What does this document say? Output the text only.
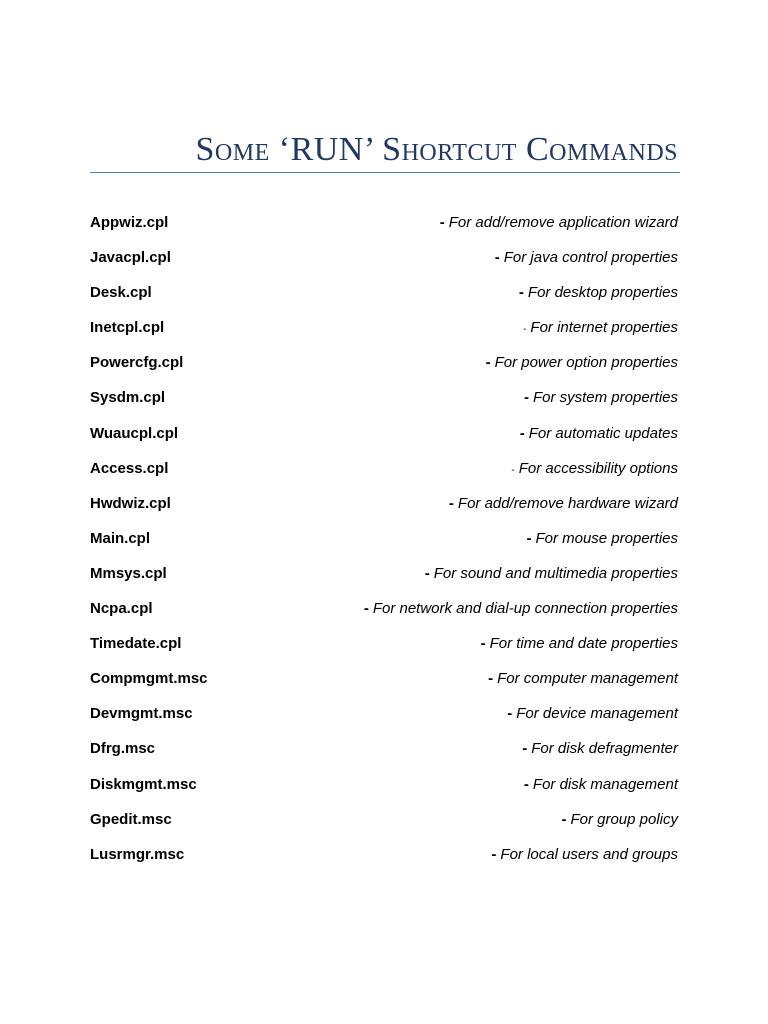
Some ‘RUN’ Shortcut Commands
Appwiz.cpl	- For add/remove application wizard
Javacpl.cpl	- For java control properties
Desk.cpl	- For desktop properties
Inetcpl.cpl	- For internet properties
Powercfg.cpl	- For power option properties
Sysdm.cpl	- For system properties
Wuaucpl.cpl	- For automatic updates
Access.cpl	- For accessibility options
Hwdwiz.cpl	- For add/remove hardware wizard
Main.cpl	- For mouse properties
Mmsys.cpl	- For sound and multimedia properties
Ncpa.cpl	- For network and dial-up connection properties
Timedate.cpl	- For time and date properties
Compmgmt.msc	- For computer management
Devmgmt.msc	- For device management
Dfrg.msc	- For disk defragmenter
Diskmgmt.msc	- For disk management
Gpedit.msc	- For group policy
Lusrmgr.msc	- For local users and groups
